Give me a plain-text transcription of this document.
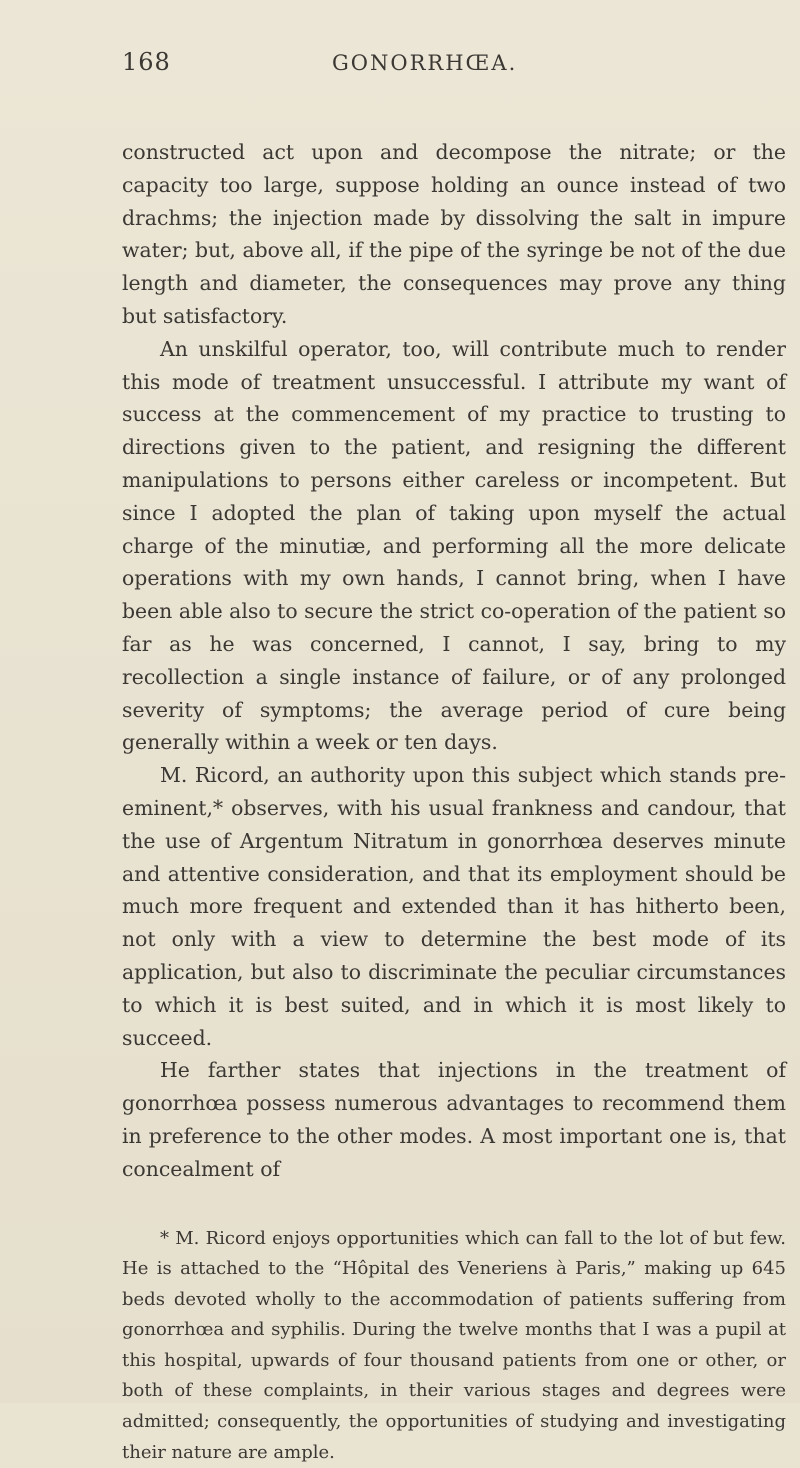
168	GONORRHŒA.

constructed act upon and decompose the nitrate; or the capacity too large, suppose holding an ounce instead of two drachms; the injection made by dissolving the salt in impure water; but, above all, if the pipe of the syringe be not of the due length and diameter, the consequences may prove any thing but satisfactory.

An unskilful operator, too, will contribute much to render this mode of treatment unsuccessful. I attribute my want of success at the commencement of my practice to trusting to directions given to the patient, and resigning the different manipulations to persons either careless or incompetent. But since I adopted the plan of taking upon myself the actual charge of the minutiæ, and performing all the more delicate operations with my own hands, I cannot bring, when I have been able also to secure the strict co-operation of the patient so far as he was concerned, I cannot, I say, bring to my recollection a single instance of failure, or of any prolonged severity of symptoms; the average period of cure being generally within a week or ten days.

M. Ricord, an authority upon this subject which stands pre-eminent,* observes, with his usual frankness and candour, that the use of Argentum Nitratum in gonorrhœa deserves minute and attentive consideration, and that its employment should be much more frequent and extended than it has hitherto been, not only with a view to determine the best mode of its application, but also to discriminate the peculiar circumstances to which it is best suited, and in which it is most likely to succeed.

He farther states that injections in the treatment of gonorrhœa possess numerous advantages to recommend them in preference to the other modes. A most important one is, that concealment of

* M. Ricord enjoys opportunities which can fall to the lot of but few. He is attached to the “Hôpital des Veneriens à Paris,” making up 645 beds devoted wholly to the accommodation of patients suffering from gonorrhœa and syphilis. During the twelve months that I was a pupil at this hospital, upwards of four thousand patients from one or other, or both of these complaints, in their various stages and degrees were admitted; consequently, the opportunities of studying and investigating their nature are ample.
